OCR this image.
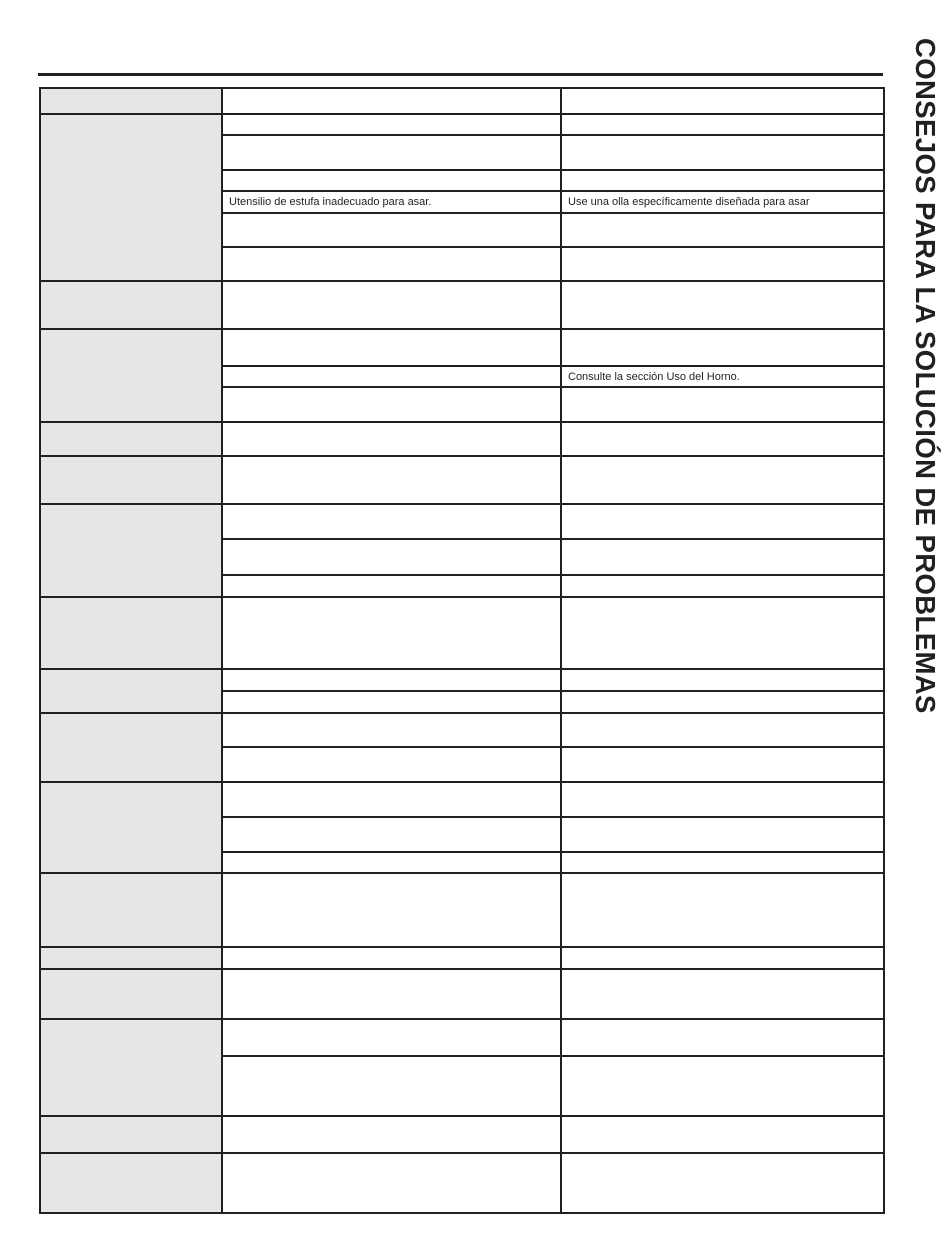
CONSEJOS PARA LA SOLUCIÓN DE PROBLEMAS

	Utensilio de estufa inadecuado para asar.	Use una olla específicamente diseñada para asar

		Consulte la sección Uso del Horno.
